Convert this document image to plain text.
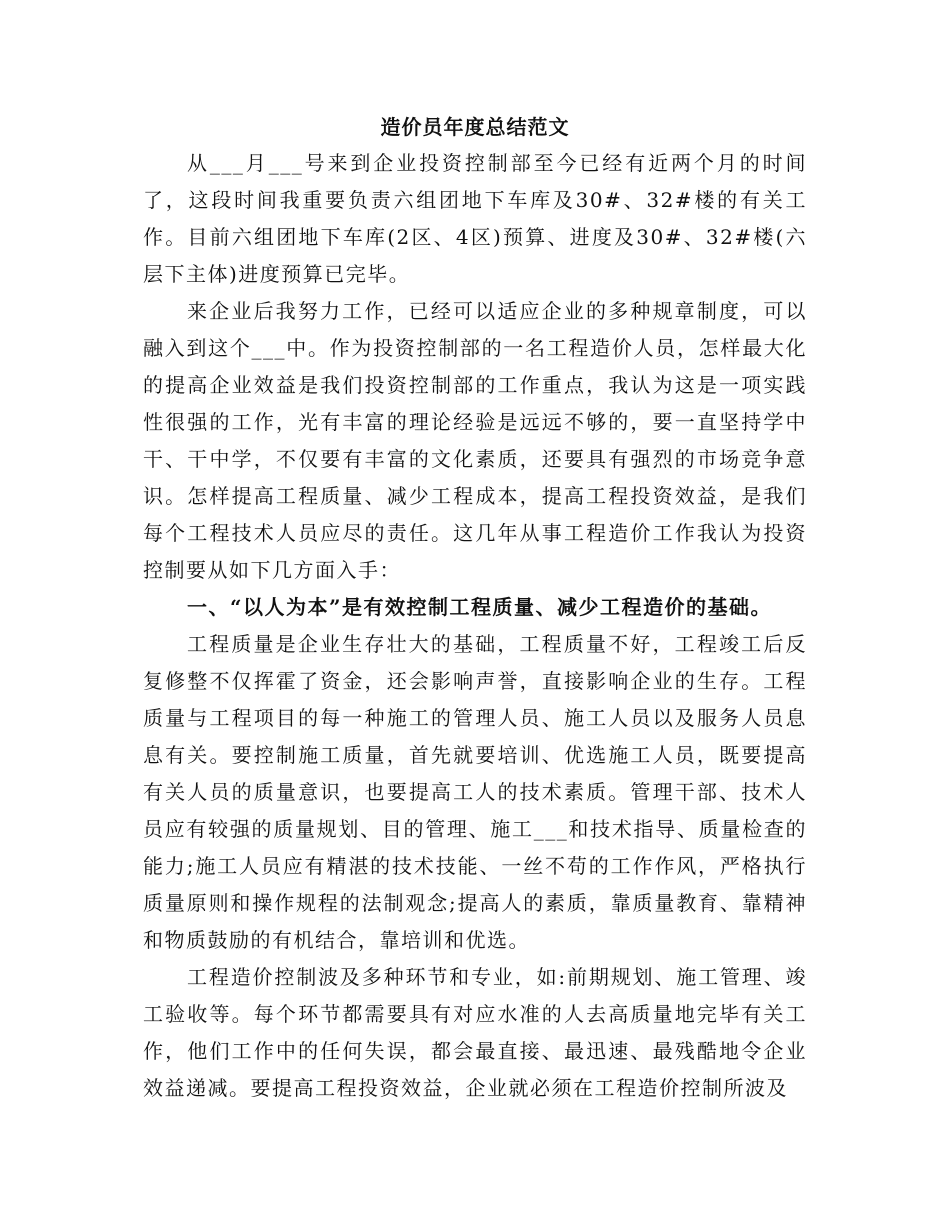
造价员年度总结范文

从___月___号来到企业投资控制部至今已经有近两个月的时间了，这段时间我重要负责六组团地下车库及30#、32#楼的有关工作。目前六组团地下车库(2区、4区)预算、进度及30#、32#楼(六层下主体)进度预算已完毕。

来企业后我努力工作，已经可以适应企业的多种规章制度，可以融入到这个___中。作为投资控制部的一名工程造价人员，怎样最大化的提高企业效益是我们投资控制部的工作重点，我认为这是一项实践性很强的工作，光有丰富的理论经验是远远不够的，要一直坚持学中干、干中学，不仅要有丰富的文化素质，还要具有强烈的市场竞争意识。怎样提高工程质量、减少工程成本，提高工程投资效益，是我们每个工程技术人员应尽的责任。这几年从事工程造价工作我认为投资控制要从如下几方面入手：

一、“以人为本”是有效控制工程质量、减少工程造价的基础。

工程质量是企业生存壮大的基础，工程质量不好，工程竣工后反复修整不仅挥霍了资金，还会影响声誉，直接影响企业的生存。工程质量与工程项目的每一种施工的管理人员、施工人员以及服务人员息息有关。要控制施工质量，首先就要培训、优选施工人员，既要提高有关人员的质量意识，也要提高工人的技术素质。管理干部、技术人员应有较强的质量规划、目的管理、施工___和技术指导、质量检查的能力;施工人员应有精湛的技术技能、一丝不苟的工作作风，严格执行质量原则和操作规程的法制观念;提高人的素质，靠质量教育、靠精神和物质鼓励的有机结合，靠培训和优选。

工程造价控制波及多种环节和专业，如:前期规划、施工管理、竣工验收等。每个环节都需要具有对应水准的人去高质量地完毕有关工作，他们工作中的任何失误，都会最直接、最迅速、最残酷地令企业效益递减。要提高工程投资效益，企业就必须在工程造价控制所波及
